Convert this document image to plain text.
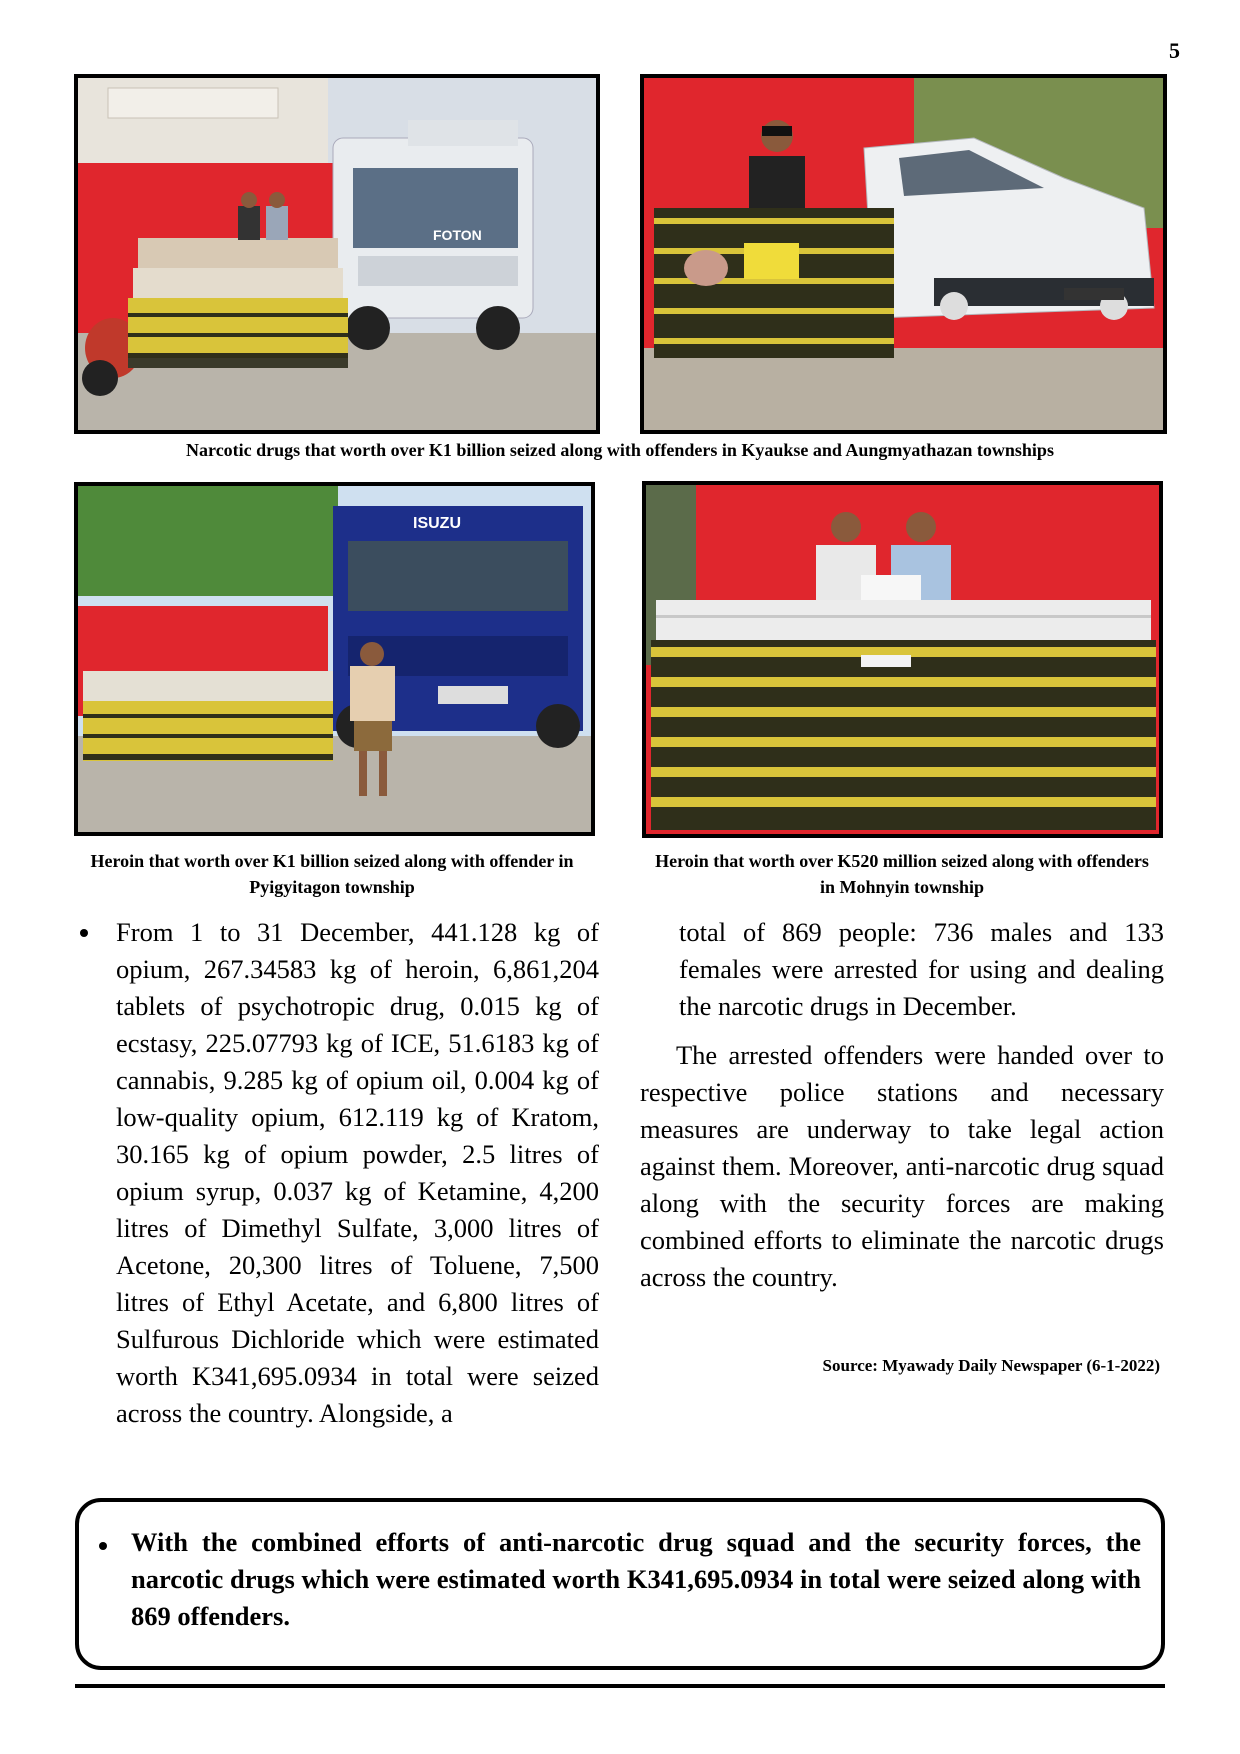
5
FOTON
Narcotic drugs that worth over K1 billion seized along with offenders in Kyaukse and Aungmyathazan townships
ISUZU
Heroin that worth over K1 billion seized along with offender in Pyigyitagon township
Heroin that worth over K520 million seized along with offenders in Mohnyin township

From 1 to 31 December, 441.128 kg of opium, 267.34583 kg of heroin, 6,861,204 tablets of psychotropic drug, 0.015 kg of ecstasy, 225.07793 kg of ICE, 51.6183 kg of cannabis, 9.285 kg of opium oil, 0.004 kg of low-quality opium, 612.119 kg of Kratom, 30.165 kg of opium powder, 2.5 litres of opium syrup, 0.037 kg of Ketamine, 4,200 litres of Dimethyl Sulfate, 3,000 litres of Acetone, 20,300 litres of Toluene, 7,500 litres of Ethyl Acetate, and 6,800 litres of Sulfurous Dichloride which were estimated worth K341,695.0934 in total were seized across the country. Alongside, a

total of 869 people: 736 males and 133 females were arrested for using and dealing the narcotic drugs in December.

The arrested offenders were handed over to respective police stations and necessary measures are underway to take legal action against them. Moreover, anti-narcotic drug squad along with the security forces are making combined efforts to eliminate the narcotic drugs across the country.

Source: Myawady Daily Newspaper (6-1-2022)
With the combined efforts of anti-narcotic drug squad and the security forces, the narcotic drugs which were estimated worth K341,695.0934 in total were seized along with 869 offenders.
